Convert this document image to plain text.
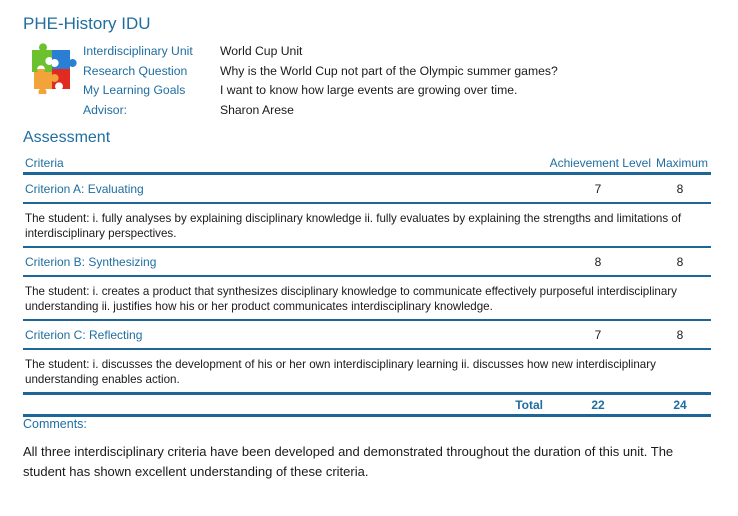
PHE-History IDU
Interdisciplinary Unit	World Cup Unit
Research Question	Why is the World Cup not part of the Olympic summer games?
My Learning Goals	I want to know how large events are growing over time.
Advisor:	Sharon Arese
Assessment
Criteria	Achievement Level Maximum
Criterion A: Evaluating	7	8
The student: i. fully analyses by explaining disciplinary knowledge ii. fully evaluates by explaining the strengths and limitations of interdisciplinary perspectives.
Criterion B: Synthesizing	8	8
The student: i. creates a product that synthesizes disciplinary knowledge to communicate effectively purposeful interdisciplinary understanding ii. justifies how his or her product communicates interdisciplinary knowledge.
Criterion C: Reflecting	7	8
The student: i. discusses the development of his or her own interdisciplinary learning ii. discusses how new interdisciplinary understanding enables action.
Total	22	24
Comments:
All three interdisciplinary criteria have been developed and demonstrated throughout the duration of this unit. The student has shown excellent understanding of these criteria.
